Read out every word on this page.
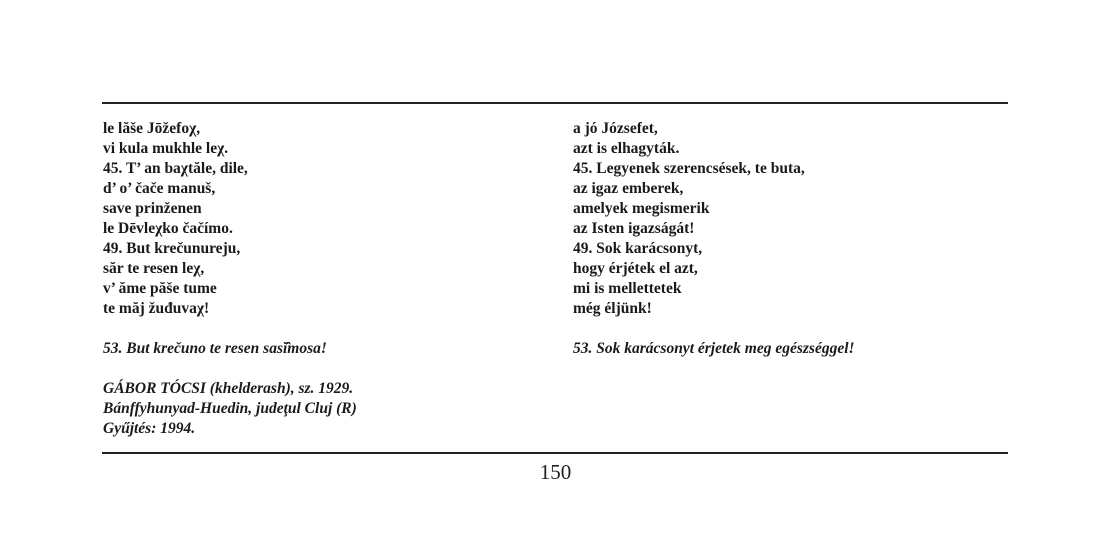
le lăše Jōžefoχ,
vi kula mukhle leχ.
45. T’ an baχtăle, dile,
d’ o’ čače manuš,
save prinženen
le Dēvleχko čačímo.
49. But krečunureju,
săr te resen leχ,
v’ ăme păše tume
te măj žuđuvaχ!
53. But krečuno te resen sasĭ̂mosa!
GÁBOR TÓCSI (khelderash), sz. 1929.
Bánffyhunyad-Huedin, judeţul Cluj (R)
Gyűjtés: 1994.
a jó Józsefet,
azt is elhagyták.
45. Legyenek szerencsések, te buta,
az igaz emberek,
amelyek megismerik
az Isten igazságát!
49. Sok karácsonyt,
hogy érjétek el azt,
mi is mellettetek
még éljünk!
53. Sok karácsonyt érjetek meg egészséggel!
150
